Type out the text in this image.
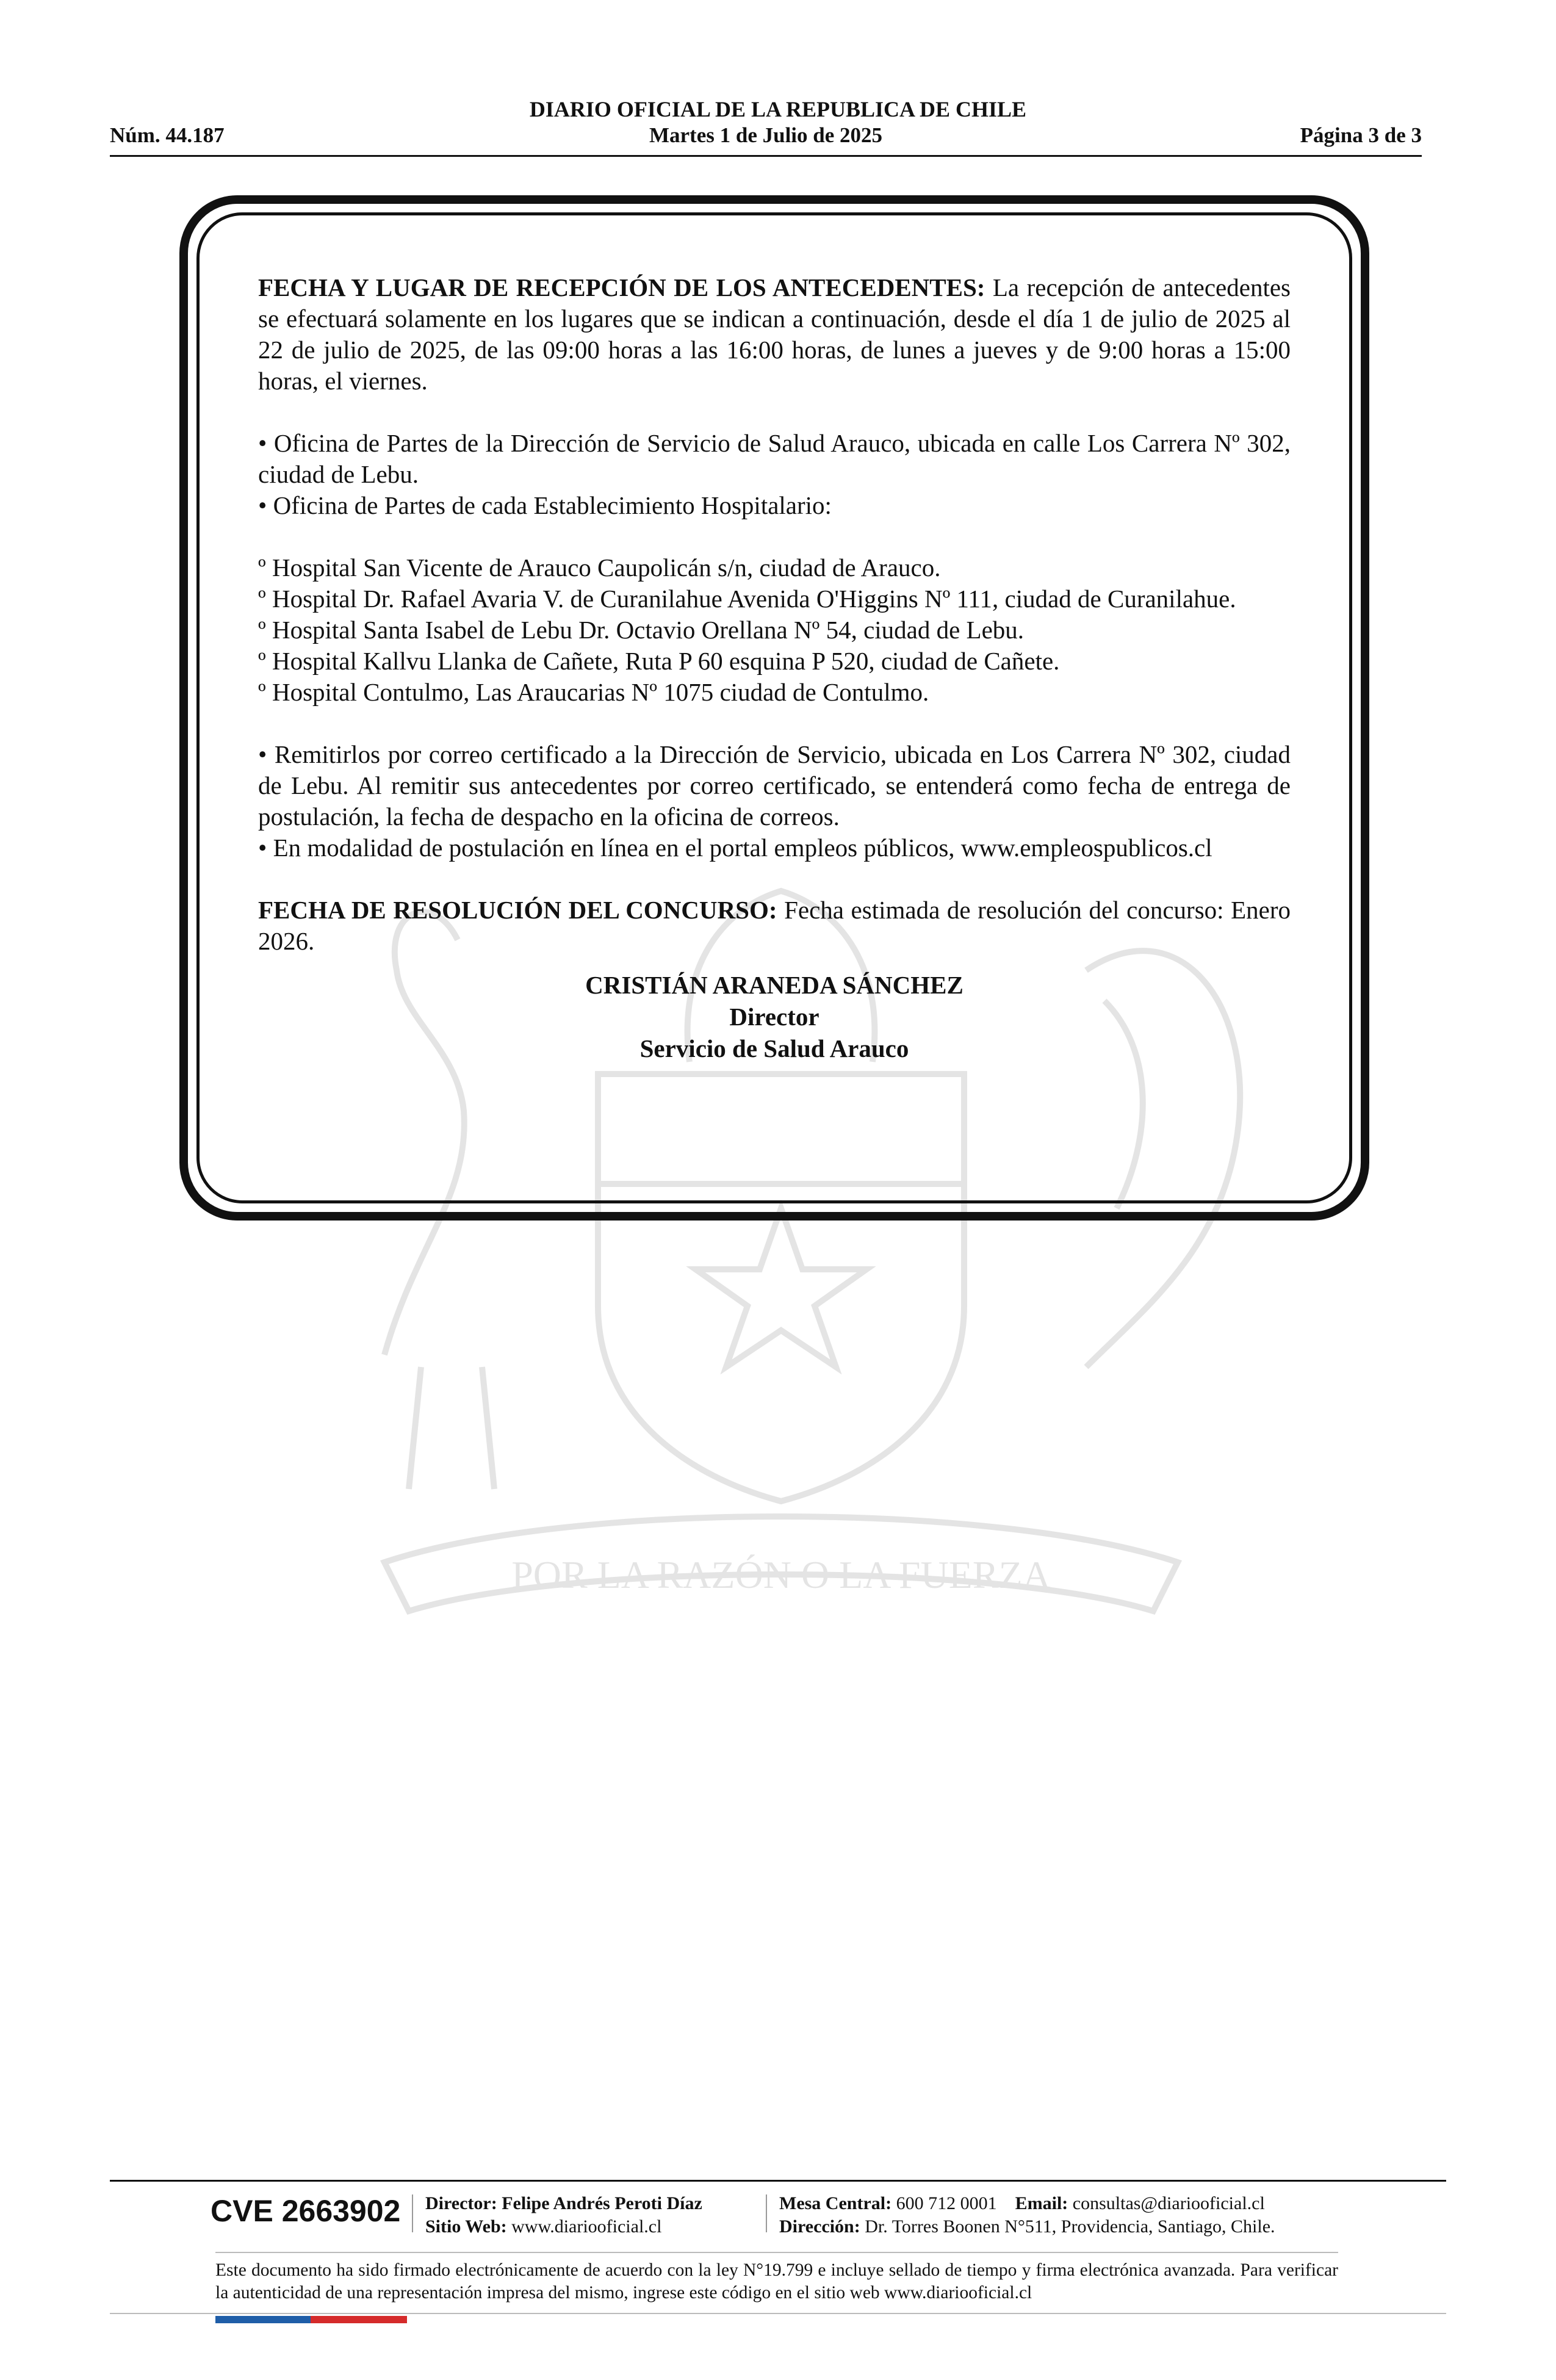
DIARIO OFICIAL DE LA REPUBLICA DE CHILE
Núm. 44.187	Martes 1 de Julio de 2025	Página 3 de 3
POR LA RAZÓN O LA FUERZA

FECHA Y LUGAR DE RECEPCIÓN DE LOS ANTECEDENTES: La recepción de antecedentes se efectuará solamente en los lugares que se indican a continuación, desde el día 1 de julio de 2025 al 22 de julio de 2025, de las 09:00 horas a las 16:00 horas, de lunes a jueves y de 9:00 horas a 15:00 horas, el viernes.

• Oficina de Partes de la Dirección de Servicio de Salud Arauco, ubicada en calle Los Carrera Nº 302, ciudad de Lebu.

• Oficina de Partes de cada Establecimiento Hospitalario:

º Hospital San Vicente de Arauco Caupolicán s/n, ciudad de Arauco.

º Hospital Dr. Rafael Avaria V. de Curanilahue Avenida O'Higgins Nº 111, ciudad de Curanilahue.

º Hospital Santa Isabel de Lebu Dr. Octavio Orellana Nº 54, ciudad de Lebu.

º Hospital Kallvu Llanka de Cañete, Ruta P 60 esquina P 520, ciudad de Cañete.

º Hospital Contulmo, Las Araucarias Nº 1075 ciudad de Contulmo.

• Remitirlos por correo certificado a la Dirección de Servicio, ubicada en Los Carrera Nº 302, ciudad de Lebu. Al remitir sus antecedentes por correo certificado, se entenderá como fecha de entrega de postulación, la fecha de despacho en la oficina de correos.

• En modalidad de postulación en línea en el portal empleos públicos, www.empleospublicos.cl

FECHA DE RESOLUCIÓN DEL CONCURSO: Fecha estimada de resolución del concurso: Enero 2026.

CRISTIÁN ARANEDA SÁNCHEZ
Director
Servicio de Salud Arauco
CVE 2663902 Director: Felipe Andrés Peroti Díaz
Sitio Web: www.diariooficial.cl
Mesa Central: 600 712 0001 Email: consultas@diariooficial.cl
Dirección: Dr. Torres Boonen N°511, Providencia, Santiago, Chile.
Este documento ha sido firmado electrónicamente de acuerdo con la ley N°19.799 e incluye sellado de tiempo y firma electrónica avanzada. Para verificar la autenticidad de una representación impresa del mismo, ingrese este código en el sitio web www.diariooficial.cl
